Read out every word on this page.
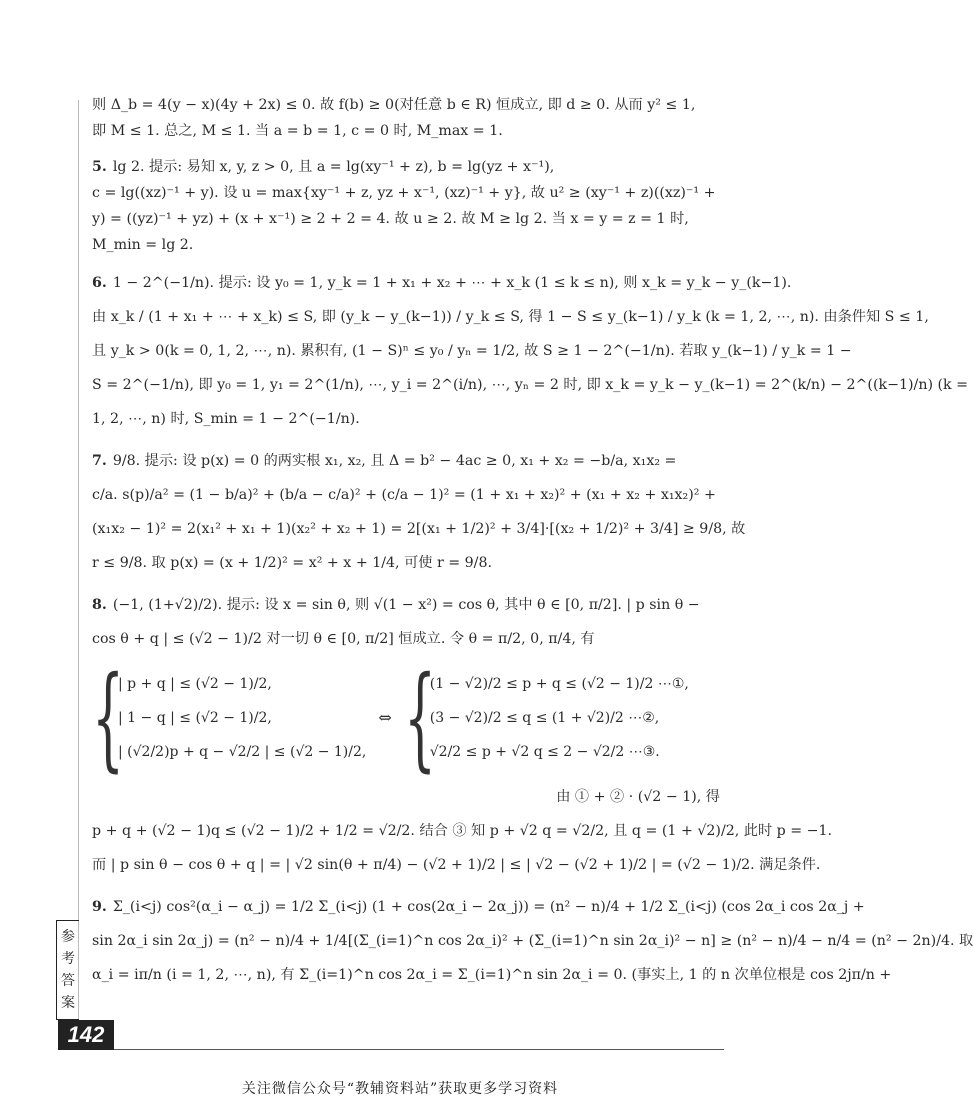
则 Δ_b = 4(y − x)(4y + 2x) ≤ 0. 故 f(b) ≥ 0(对任意 b ∈ R) 恒成立, 即 d ≥ 0. 从而 y² ≤ 1,
即 M ≤ 1. 总之, M ≤ 1. 当 a = b = 1, c = 0 时, M_max = 1.
5. lg 2. 提示: 易知 x, y, z > 0, 且 a = lg(xy⁻¹ + z), b = lg(yz + x⁻¹),
c = lg((xz)⁻¹ + y). 设 u = max{xy⁻¹ + z, yz + x⁻¹, (xz)⁻¹ + y}, 故 u² ≥ (xy⁻¹ + z)((xz)⁻¹ +
y) = ((yz)⁻¹ + yz) + (x + x⁻¹) ≥ 2 + 2 = 4. 故 u ≥ 2. 故 M ≥ lg 2. 当 x = y = z = 1 时,
M_min = lg 2.
6. 1 − 2^(−1/n). 提示: 设 y₀ = 1, y_k = 1 + x₁ + x₂ + ⋯ + x_k (1 ≤ k ≤ n), 则 x_k = y_k − y_(k−1).
由 x_k / (1 + x₁ + ⋯ + x_k) ≤ S, 即 (y_k − y_(k−1)) / y_k ≤ S, 得 1 − S ≤ y_(k−1) / y_k (k = 1, 2, ⋯, n). 由条件知 S ≤ 1,
且 y_k > 0(k = 0, 1, 2, ⋯, n). 累积有, (1 − S)ⁿ ≤ y₀ / yₙ = 1/2, 故 S ≥ 1 − 2^(−1/n). 若取 y_(k−1) / y_k = 1 −
S = 2^(−1/n), 即 y₀ = 1, y₁ = 2^(1/n), ⋯, y_i = 2^(i/n), ⋯, yₙ = 2 时, 即 x_k = y_k − y_(k−1) = 2^(k/n) − 2^((k−1)/n) (k =
1, 2, ⋯, n) 时, S_min = 1 − 2^(−1/n).
7. 9/8. 提示: 设 p(x) = 0 的两实根 x₁, x₂, 且 Δ = b² − 4ac ≥ 0, x₁ + x₂ = −b/a, x₁x₂ =
c/a. s(p)/a² = (1 − b/a)² + (b/a − c/a)² + (c/a − 1)² = (1 + x₁ + x₂)² + (x₁ + x₂ + x₁x₂)² +
(x₁x₂ − 1)² = 2(x₁² + x₁ + 1)(x₂² + x₂ + 1) = 2[(x₁ + 1/2)² + 3/4]·[(x₂ + 1/2)² + 3/4] ≥ 9/8, 故
r ≤ 9/8. 取 p(x) = (x + 1/2)² = x² + x + 1/4, 可使 r = 9/8.
8. (−1, (1+√2)/2). 提示: 设 x = sin θ, 则 √(1 − x²) = cos θ, 其中 θ ∈ [0, π/2]. | p sin θ −
cos θ + q | ≤ (√2 − 1)/2 对一切 θ ∈ [0, π/2] 恒成立. 令 θ = π/2, 0, π/4, 有
{
| p + q | ≤ (√2 − 1)/2,
| 1 − q | ≤ (√2 − 1)/2,
| (√2/2)p + q − √2/2 | ≤ (√2 − 1)/2,
⇔ {
(1 − √2)/2 ≤ p + q ≤ (√2 − 1)/2 ⋯①,
(3 − √2)/2 ≤ q ≤ (1 + √2)/2 ⋯②,
√2/2 ≤ p + √2 q ≤ 2 − √2/2 ⋯③.
由 ① + ② · (√2 − 1), 得
p + q + (√2 − 1)q ≤ (√2 − 1)/2 + 1/2 = √2/2. 结合 ③ 知 p + √2 q = √2/2, 且 q = (1 + √2)/2, 此时 p = −1.
而 | p sin θ − cos θ + q | = | √2 sin(θ + π/4) − (√2 + 1)/2 | ≤ | √2 − (√2 + 1)/2 | = (√2 − 1)/2. 满足条件.
9. Σ_(i<j) cos²(α_i − α_j) = 1/2 Σ_(i<j) (1 + cos(2α_i − 2α_j)) = (n² − n)/4 + 1/2 Σ_(i<j) (cos 2α_i cos 2α_j +
sin 2α_i sin 2α_j) = (n² − n)/4 + 1/4[(Σ_(i=1)^n cos 2α_i)² + (Σ_(i=1)^n sin 2α_i)² − n] ≥ (n² − n)/4 − n/4 = (n² − 2n)/4. 取
α_i = iπ/n (i = 1, 2, ⋯, n), 有 Σ_(i=1)^n cos 2α_i = Σ_(i=1)^n sin 2α_i = 0. (事实上, 1 的 n 次单位根是 cos 2jπ/n +
参
考
答
案
142
关注微信公众号“教辅资料站”获取更多学习资料
